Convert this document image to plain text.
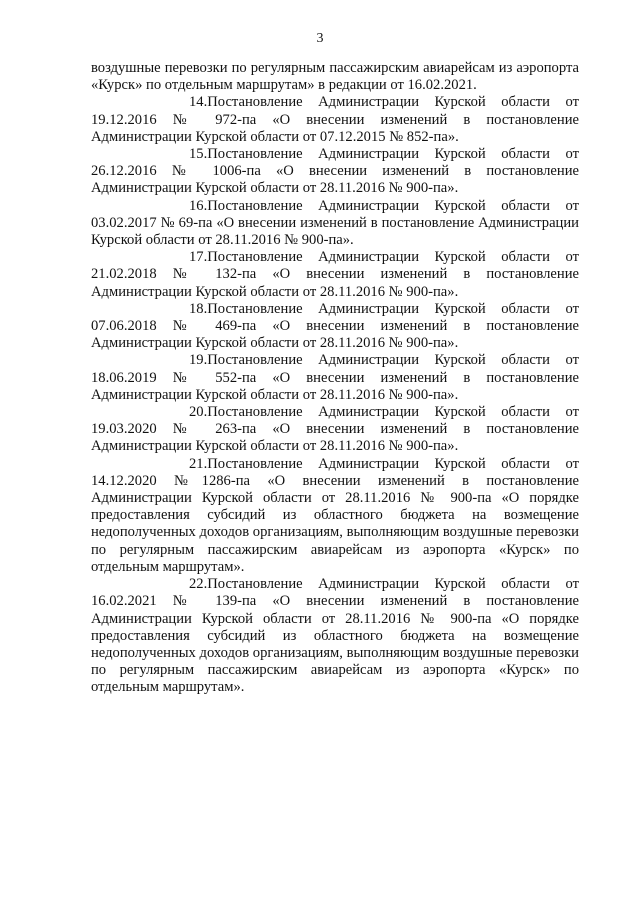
3

воздушные перевозки по регулярным пассажирским авиарейсам из аэропорта «Курск» по отдельным маршрутам» в редакции от 16.02.2021.

14.Постановление Администрации Курской области от 19.12.2016 № 972-па «О внесении изменений в постановление Администрации Курской области от 07.12.2015 № 852-па».

15.Постановление Администрации Курской области от 26.12.2016 № 1006-па «О внесении изменений в постановление Администрации Курской области от 28.11.2016 № 900-па».

16.Постановление Администрации Курской области от 03.02.2017 № 69-па «О внесении изменений в постановление Администрации Курской области от 28.11.2016 № 900-па».

17.Постановление Администрации Курской области от 21.02.2018 № 132-па «О внесении изменений в постановление Администрации Курской области от 28.11.2016 № 900-па».

18.Постановление Администрации Курской области от 07.06.2018 № 469-па «О внесении изменений в постановление Администрации Курской области от 28.11.2016 № 900-па».

19.Постановление Администрации Курской области от 18.06.2019 № 552-па «О внесении изменений в постановление Администрации Курской области от 28.11.2016 № 900-па».

20.Постановление Администрации Курской области от 19.03.2020 № 263-па «О внесении изменений в постановление Администрации Курской области от 28.11.2016 № 900-па».

21.Постановление Администрации Курской области от 14.12.2020 №1286-па «О внесении изменений в постановление Администрации Курской области от 28.11.2016 № 900-па «О порядке предоставления субсидий из областного бюджета на возмещение недополученных доходов организациям, выполняющим воздушные перевозки по регулярным пассажирским авиарейсам из аэропорта «Курск» по отдельным маршрутам».

22.Постановление Администрации Курской области от 16.02.2021 № 139-па «О внесении изменений в постановление Администрации Курской области от 28.11.2016 № 900-па «О порядке предоставления субсидий из областного бюджета на возмещение недополученных доходов организациям, выполняющим воздушные перевозки по регулярным пассажирским авиарейсам из аэропорта «Курск» по отдельным маршрутам».
